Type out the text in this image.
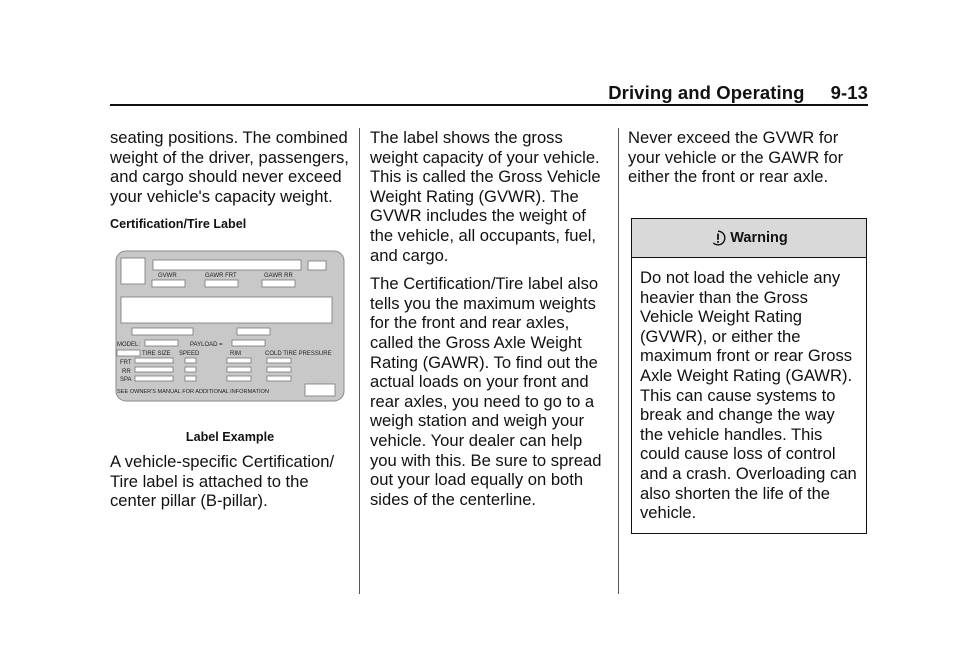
Driving and Operating 9-13

seating positions. The combined weight of the driver, passengers, and cargo should never exceed your vehicle's capacity weight.

Certification/Tire Label

GVWR	GAWR FRT	GAWR RR
MODEL:	PAYLOAD =
TIRE SIZE SPEED	RIM	COLD TIRE PRESSURE
FRT
RR
SPA
SEE OWNER'S MANUAL FOR ADDITIONAL INFORMATION
Label Example

A vehicle-specific Certification/ Tire label is attached to the center pillar (B-pillar).

The label shows the gross weight capacity of your vehicle. This is called the Gross Vehicle Weight Rating (GVWR). The GVWR includes the weight of the vehicle, all occupants, fuel, and cargo.

The Certification/Tire label also tells you the maximum weights for the front and rear axles, called the Gross Axle Weight Rating (GAWR). To find out the actual loads on your front and rear axles, you need to go to a weigh station and weigh your vehicle. Your dealer can help you with this. Be sure to spread out your load equally on both sides of the centerline.

Never exceed the GVWR for your vehicle or the GAWR for either the front or rear axle.

Warning
Do not load the vehicle any heavier than the Gross Vehicle Weight Rating (GVWR), or either the maximum front or rear Gross Axle Weight Rating (GAWR). This can cause systems to break and change the way the vehicle handles. This could cause loss of control and a crash. Overloading can also shorten the life of the vehicle.
